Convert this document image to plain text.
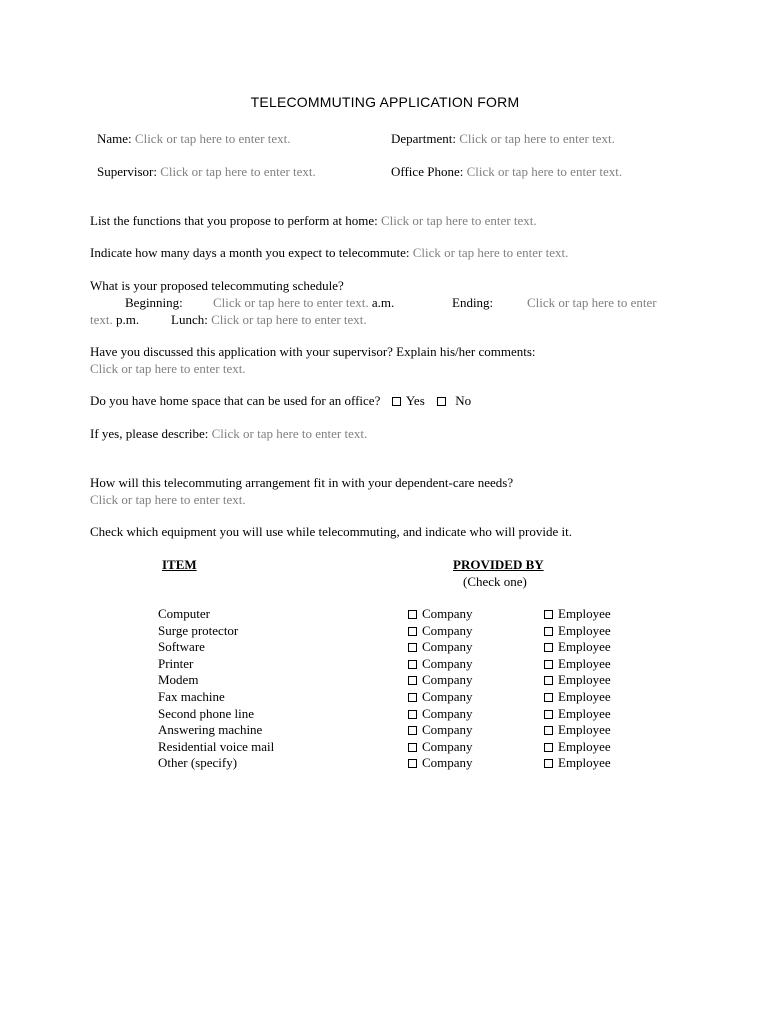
TELECOMMUTING APPLICATION FORM
Name: Click or tap here to enter text.	Department: Click or tap here to enter text.
Supervisor: Click or tap here to enter text.	Office Phone: Click or tap here to enter text.
List the functions that you propose to perform at home: Click or tap here to enter text.
Indicate how many days a month you expect to telecommute: Click or tap here to enter text.
What is your proposed telecommuting schedule?
Beginning: Click or tap here to enter text. a.m.	Ending:	Click or tap here to enter
text. p.m. Lunch: Click or tap here to enter text.
Have you discussed this application with your supervisor? Explain his/her comments:
Click or tap here to enter text.
Do you have home space that can be used for an office? Yes No
If yes, please describe: Click or tap here to enter text.
How will this telecommuting arrangement fit in with your dependent-care needs?
Click or tap here to enter text.
Check which equipment you will use while telecommuting, and indicate who will provide it.
ITEM	PROVIDED BY
(Check one)
Computer	Company	Employee
Surge protector	Company	Employee
Software	Company	Employee
Printer	Company	Employee
Modem	Company	Employee
Fax machine	Company	Employee
Second phone line	Company	Employee
Answering machine	Company	Employee
Residential voice mail	Company	Employee
Other (specify)	Company	Employee
